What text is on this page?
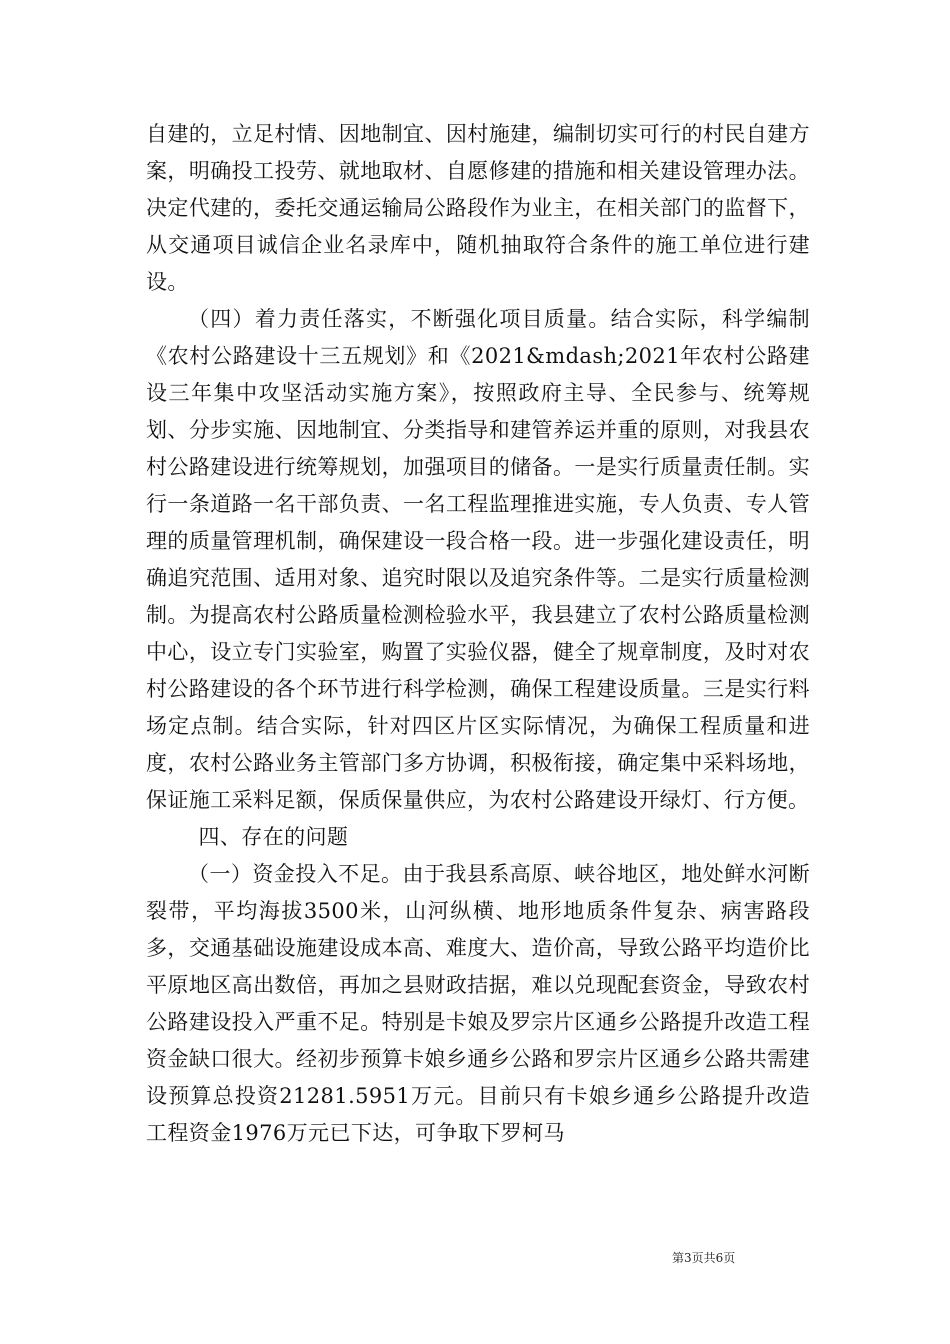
自建的，立足村情、因地制宜、因村施建，编制切实可行的村民自建方案，明确投工投劳、就地取材、自愿修建的措施和相关建设管理办法。决定代建的，委托交通运输局公路段作为业主，在相关部门的监督下，从交通项目诚信企业名录库中，随机抽取符合条件的施工单位进行建设。

（四）着力责任落实，不断强化项目质量。结合实际，科学编制《农村公路建设十三五规划》和《2021&mdash;2021年农村公路建设三年集中攻坚活动实施方案》，按照政府主导、全民参与、统筹规划、分步实施、因地制宜、分类指导和建管养运并重的原则，对我县农村公路建设进行统筹规划，加强项目的储备。一是实行质量责任制。实行一条道路一名干部负责、一名工程监理推进实施，专人负责、专人管理的质量管理机制，确保建设一段合格一段。进一步强化建设责任，明确追究范围、适用对象、追究时限以及追究条件等。二是实行质量检测制。为提高农村公路质量检测检验水平，我县建立了农村公路质量检测中心，设立专门实验室，购置了实验仪器，健全了规章制度，及时对农村公路建设的各个环节进行科学检测，确保工程建设质量。三是实行料场定点制。结合实际，针对四区片区实际情况，为确保工程质量和进度，农村公路业务主管部门多方协调，积极衔接，确定集中采料场地，保证施工采料足额，保质保量供应，为农村公路建设开绿灯、行方便。

四、存在的问题

（一）资金投入不足。由于我县系高原、峡谷地区，地处鲜水河断裂带，平均海拔3500米，山河纵横、地形地质条件复杂、病害路段多，交通基础设施建设成本高、难度大、造价高，导致公路平均造价比平原地区高出数倍，再加之县财政拮据，难以兑现配套资金，导致农村公路建设投入严重不足。特别是卡娘及罗宗片区通乡公路提升改造工程资金缺口很大。经初步预算卡娘乡通乡公路和罗宗片区通乡公路共需建设预算总投资21281.5951万元。目前只有卡娘乡通乡公路提升改造工程资金1976万元已下达，可争取下罗柯马

第3页共6页
